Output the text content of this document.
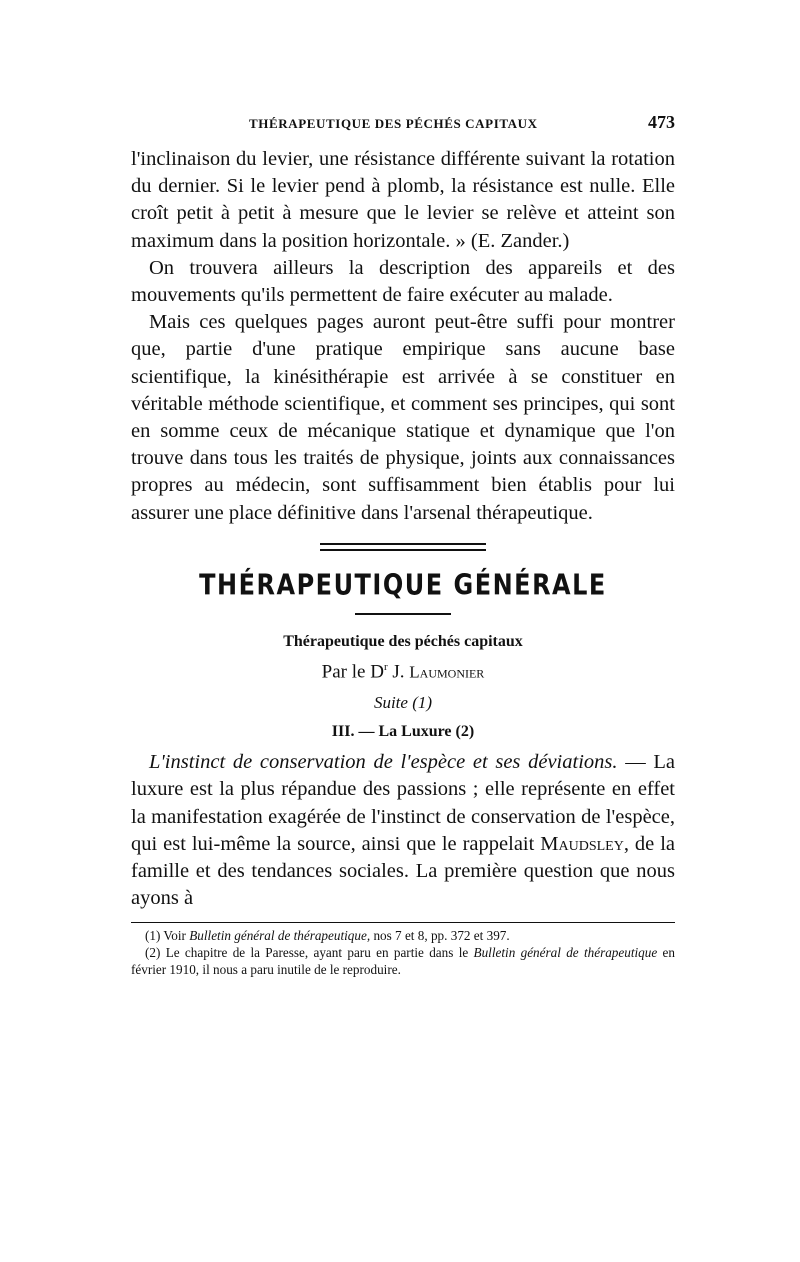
THÉRAPEUTIQUE DES PÉCHÉS CAPITAUX	473

l'inclinaison du levier, une résistance différente suivant la rotation du dernier. Si le levier pend à plomb, la résistance est nulle. Elle croît petit à petit à mesure que le levier se relève et atteint son maximum dans la position horizontale. » (E. Zander.)

On trouvera ailleurs la description des appareils et des mouvements qu'ils permettent de faire exécuter au malade.

Mais ces quelques pages auront peut-être suffi pour montrer que, partie d'une pratique empirique sans aucune base scientifique, la kinésithérapie est arrivée à se constituer en véritable méthode scientifique, et comment ses principes, qui sont en somme ceux de mécanique statique et dynamique que l'on trouve dans tous les traités de physique, joints aux connaissances propres au médecin, sont suffisamment bien établis pour lui assurer une place définitive dans l'arsenal thérapeutique.

THÉRAPEUTIQUE GÉNÉRALE
Thérapeutique des péchés capitaux
Par le $D^r$ J. Laumonier
Suite (1)
III. — La Luxure (2)

L'instinct de conservation de l'espèce et ses déviations. — La luxure est la plus répandue des passions ; elle représente en effet la manifestation exagérée de l'instinct de conservation de l'espèce, qui est lui-même la source, ainsi que le rappelait Maudsley, de la famille et des tendances sociales. La première question que nous ayons à

(1) Voir Bulletin général de thérapeutique, nos 7 et 8, pp. 372 et 397.

(2) Le chapitre de la Paresse, ayant paru en partie dans le Bulletin général de thérapeutique en février 1910, il nous a paru inutile de le reproduire.
